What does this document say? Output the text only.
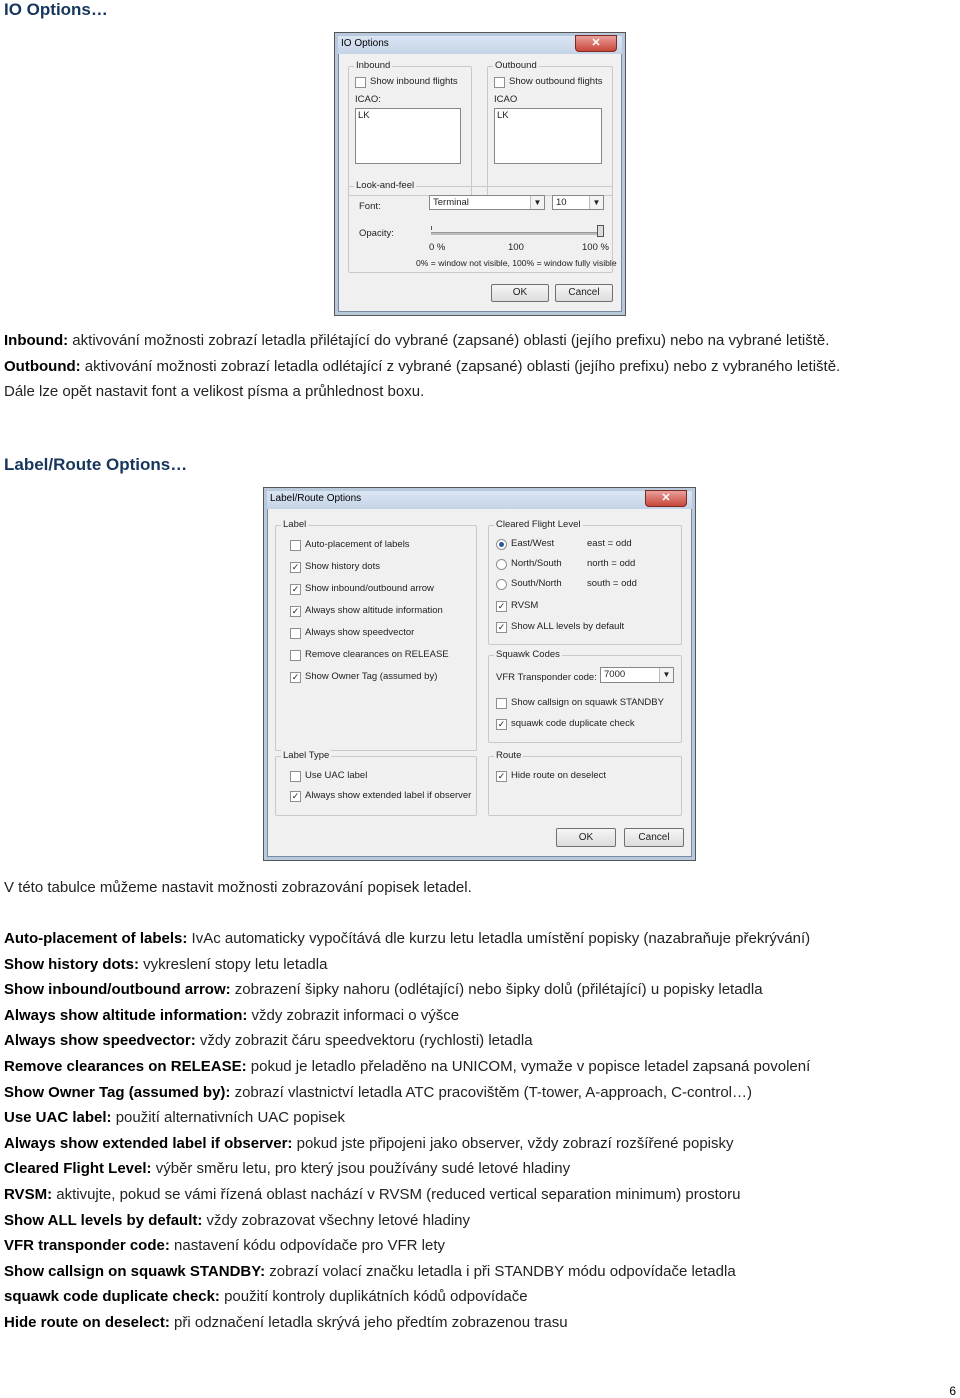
IO Options…
IO Options	✕
Inbound
Show inbound flights
ICAO:
LK
Outbound
Show outbound flights
ICAO
LK
Look-and-feel
Font:	Terminal	▼	10	▼
Opacity:
0 %	100	100 %
0% = window not visible, 100% = window fully visible
OK	Cancel
Inbound: aktivování možnosti zobrazí letadla přilétající do vybrané (zapsané) oblasti (jejího prefixu) nebo na vybrané letiště.
Outbound: aktivování možnosti zobrazí letadla odlétající z vybrané (zapsané) oblasti (jejího prefixu) nebo z vybraného letiště.
Dále lze opět nastavit font a velikost písma a průhlednost boxu.
Label/Route Options…
Label/Route Options	✕
Label
Auto-placement of labels
✓ Show history dots
✓ Show inbound/outbound arrow
✓ Always show altitude information
Always show speedvector
Remove clearances on RELEASE
✓ Show Owner Tag (assumed by)
Cleared Flight Level
East/West	east = odd
North/South	north = odd
South/North	south = odd
✓ RVSM
✓ Show ALL levels by default
Squawk Codes
VFR Transponder code: 7000	▼
Show callsign on squawk STANDBY
✓ squawk code duplicate check
Label Type
Use UAC label
✓ Always show extended label if observer
Route
✓ Hide route on deselect
OK	Cancel
V této tabulce můžeme nastavit možnosti zobrazování popisek letadel.
Auto-placement of labels: IvAc automaticky vypočítává dle kurzu letu letadla umístění popisky (nazabraňuje překrývání)
Show history dots: vykreslení stopy letu letadla
Show inbound/outbound arrow: zobrazení šipky nahoru (odlétající) nebo šipky dolů (přilétající) u popisky letadla
Always show altitude information: vždy zobrazit informaci o výšce
Always show speedvector: vždy zobrazit čáru speedvektoru (rychlosti) letadla
Remove clearances on RELEASE: pokud je letadlo přeladěno na UNICOM, vymaže v popisce letadel zapsaná povolení
Show Owner Tag (assumed by): zobrazí vlastnictví letadla ATC pracovištěm (T-tower, A-approach, C-control…)
Use UAC label: použití alternativních UAC popisek
Always show extended label if observer: pokud jste připojeni jako observer, vždy zobrazí rozšířené popisky
Cleared Flight Level: výběr směru letu, pro který jsou používány sudé letové hladiny
RVSM: aktivujte, pokud se vámi řízená oblast nachází v RVSM (reduced vertical separation minimum) prostoru
Show ALL levels by default: vždy zobrazovat všechny letové hladiny
VFR transponder code: nastavení kódu odpovídače pro VFR lety
Show callsign on squawk STANDBY: zobrazí volací značku letadla i při STANDBY módu odpovídače letadla
squawk code duplicate check: použití kontroly duplikátních kódů odpovídače
Hide route on deselect: při odznačení letadla skrývá jeho předtím zobrazenou trasu
6
